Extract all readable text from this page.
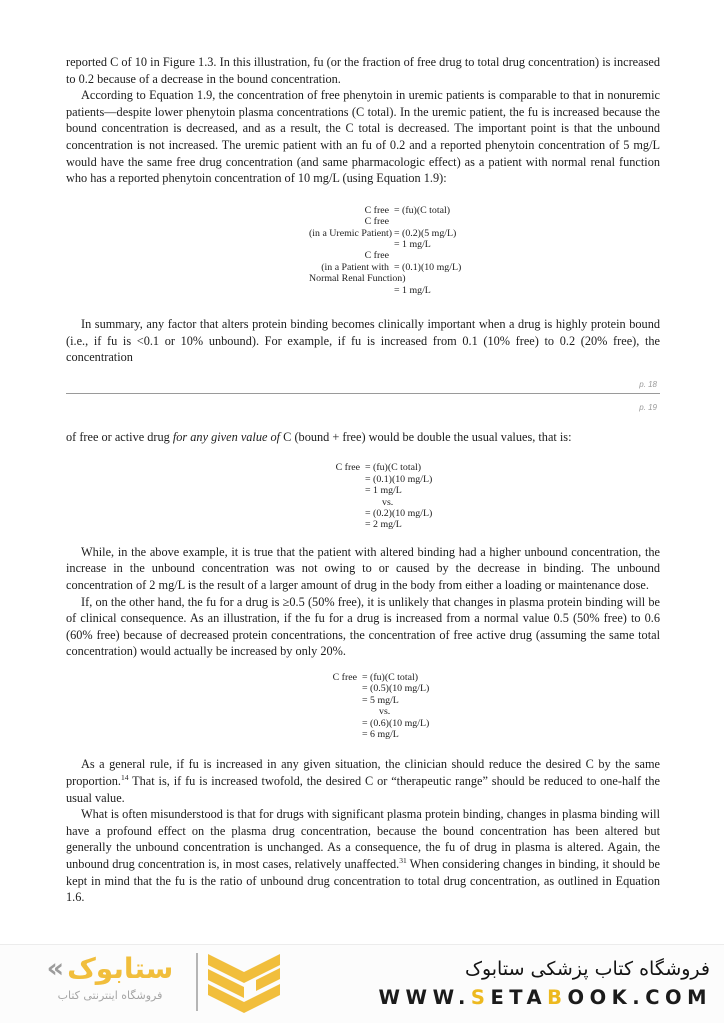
reported C of 10 in Figure 1.3. In this illustration, fu (or the fraction of free drug to total drug concentration) is increased to 0.2 because of a decrease in the bound concentration.

According to Equation 1.9, the concentration of free phenytoin in uremic patients is comparable to that in nonuremic patients—despite lower phenytoin plasma concentrations (C total). In the uremic patient, the fu is increased because the bound concentration is decreased, and as a result, the C total is decreased. The important point is that the unbound concentration is not increased. The uremic patient with an fu of 0.2 and a reported phenytoin concentration of 5 mg/L would have the same free drug concentration (and same pharmacologic effect) as a patient with normal renal function who has a reported phenytoin concentration of 10 mg/L (using Equation 1.9):

C free = (fu)(C total)
C free
(in a Uremic Patient) = (0.2)(5 mg/L)
= 1 mg/L
C free
(in a Patient with = (0.1)(10 mg/L)
Normal Renal Function)
= 1 mg/L

In summary, any factor that alters protein binding becomes clinically important when a drug is highly protein bound (i.e., if fu is <0.1 or 10% unbound). For example, if fu is increased from 0.1 (10% free) to 0.2 (20% free), the concentration

p. 18
p. 19

of free or active drug for any given value of C (bound + free) would be double the usual values, that is:

C free = (fu)(C total)
= (0.1)(10 mg/L)
= 1 mg/L
vs.
= (0.2)(10 mg/L)
= 2 mg/L

While, in the above example, it is true that the patient with altered binding had a higher unbound concentration, the increase in the unbound concentration was not owing to or caused by the decrease in binding. The unbound concentration of 2 mg/L is the result of a larger amount of drug in the body from either a loading or maintenance dose.

If, on the other hand, the fu for a drug is ≥0.5 (50% free), it is unlikely that changes in plasma protein binding will be of clinical consequence. As an illustration, if the fu for a drug is increased from a normal value 0.5 (50% free) to 0.6 (60% free) because of decreased protein concentrations, the concentration of free active drug (assuming the same total concentration) would actually be increased by only 20%.

C free = (fu)(C total)
= (0.5)(10 mg/L)
= 5 mg/L
vs.
= (0.6)(10 mg/L)
= 6 mg/L

As a general rule, if fu is increased in any given situation, the clinician should reduce the desired C by the same proportion.$^{14}$ That is, if fu is increased twofold, the desired C or “therapeutic range” should be reduced to one-half the usual value.

What is often misunderstood is that for drugs with significant plasma protein binding, changes in plasma binding will have a profound effect on the plasma drug concentration, because the bound concentration has been altered but generally the unbound concentration is unchanged. As a consequence, the fu of drug in plasma is altered. Again, the unbound drug concentration is, in most cases, relatively unaffected.$^{31}$ When considering changes in binding, it should be kept in mind that the fu is the ratio of unbound drug concentration to total drug concentration, as outlined in Equation 1.6.

« ستابوک
فروشگاه اینترنتی کتاب
فروشگاه کتاب پزشکی ستابوک
WWW.SETABOOK.COM
